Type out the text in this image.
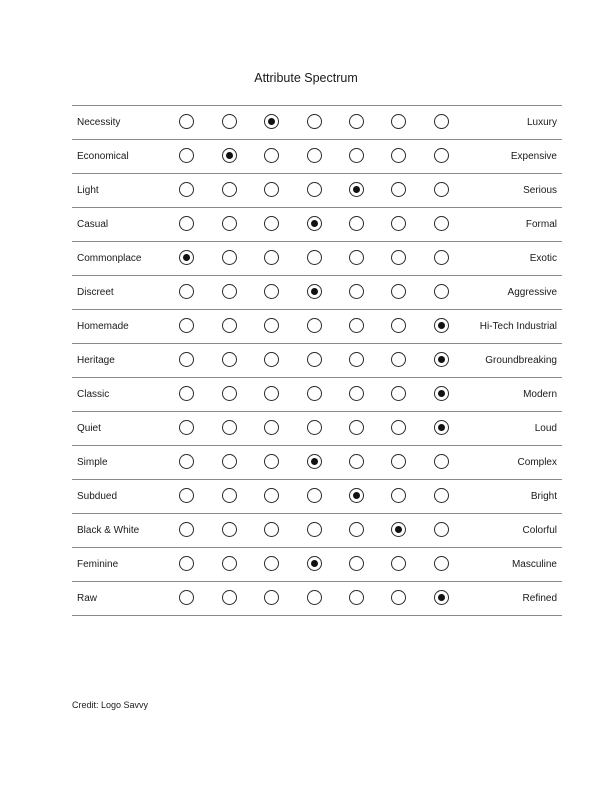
Attribute Spectrum
Necessity	Luxury
Economical	Expensive
Light	Serious
Casual	Formal
Commonplace	Exotic
Discreet	Aggressive
Homemade	Hi-Tech Industrial
Heritage	Groundbreaking
Classic	Modern
Quiet	Loud
Simple	Complex
Subdued	Bright
Black & White	Colorful
Feminine	Masculine
Raw	Refined
Credit: Logo Savvy
